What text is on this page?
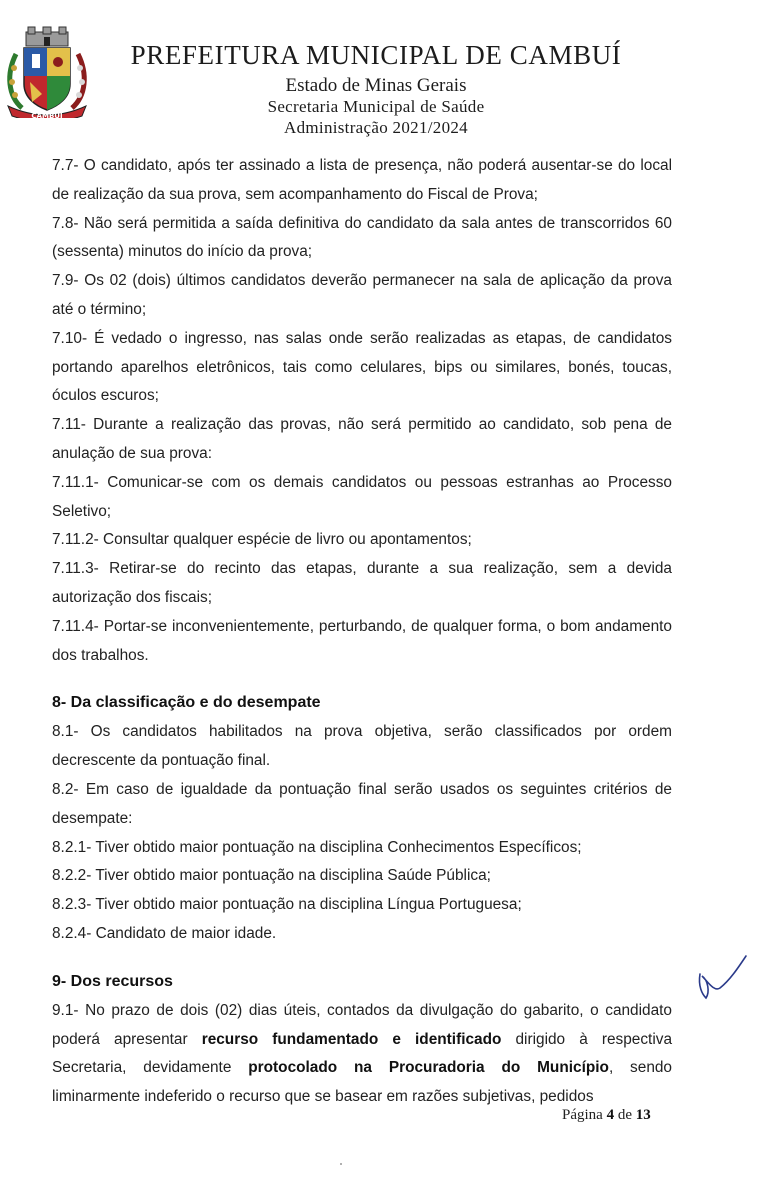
CAMBUÍ
PREFEITURA MUNICIPAL DE CAMBUÍ
Estado de Minas Gerais
Secretaria Municipal de Saúde
Administração 2021/2024

7.7- O candidato, após ter assinado a lista de presença, não poderá ausentar-se do local de realização da sua prova, sem acompanhamento do Fiscal de Prova;

7.8- Não será permitida a saída definitiva do candidato da sala antes de transcorridos 60 (sessenta) minutos do início da prova;

7.9- Os 02 (dois) últimos candidatos deverão permanecer na sala de aplicação da prova até o término;

7.10- É vedado o ingresso, nas salas onde serão realizadas as etapas, de candidatos portando aparelhos eletrônicos, tais como celulares, bips ou similares, bonés, toucas, óculos escuros;

7.11- Durante a realização das provas, não será permitido ao candidato, sob pena de anulação de sua prova:

7.11.1- Comunicar-se com os demais candidatos ou pessoas estranhas ao Processo Seletivo;

7.11.2- Consultar qualquer espécie de livro ou apontamentos;

7.11.3- Retirar-se do recinto das etapas, durante a sua realização, sem a devida autorização dos fiscais;

7.11.4- Portar-se inconvenientemente, perturbando, de qualquer forma, o bom andamento dos trabalhos.

8- Da classificação e do desempate

8.1- Os candidatos habilitados na prova objetiva, serão classificados por ordem decrescente da pontuação final.

8.2- Em caso de igualdade da pontuação final serão usados os seguintes critérios de desempate:

8.2.1- Tiver obtido maior pontuação na disciplina Conhecimentos Específicos;

8.2.2- Tiver obtido maior pontuação na disciplina Saúde Pública;

8.2.3- Tiver obtido maior pontuação na disciplina Língua Portuguesa;

8.2.4- Candidato de maior idade.

9- Dos recursos

9.1- No prazo de dois (02) dias úteis, contados da divulgação do gabarito, o candidato poderá apresentar recurso fundamentado e identificado dirigido à respectiva Secretaria, devidamente protocolado na Procuradoria do Município, sendo liminarmente indeferido o recurso que se basear em razões subjetivas, pedidos

Página 4 de 13
